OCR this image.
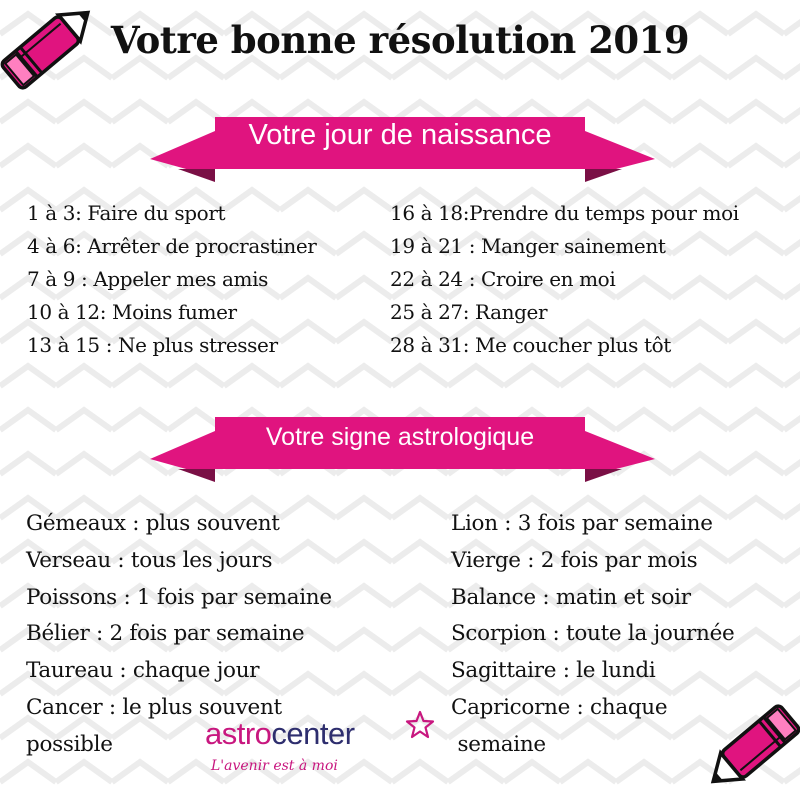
Votre bonne résolution 2019
Votre jour de naissance
1 à 3: Faire du sport
4 à 6: Arrêter de procrastiner
7 à 9 : Appeler mes amis
10 à 12: Moins fumer
13 à 15 : Ne plus stresser
16 à 18:Prendre du temps pour moi
19 à 21 : Manger sainement
22 à 24 : Croire en moi
25 à 27: Ranger
28 à 31: Me coucher plus tôt
Votre signe astrologique
Gémeaux : plus souvent
Verseau : tous les jours
Poissons : 1 fois par semaine
Bélier : 2 fois par semaine
Taureau : chaque jour
Cancer : le plus souvent
possible
Lion : 3 fois par semaine
Vierge : 2 fois par mois
Balance : matin et soir
Scorpion : toute la journée
Sagittaire : le lundi
Capricorne : chaque
semaine
astrocenter
L'avenir est à moi
